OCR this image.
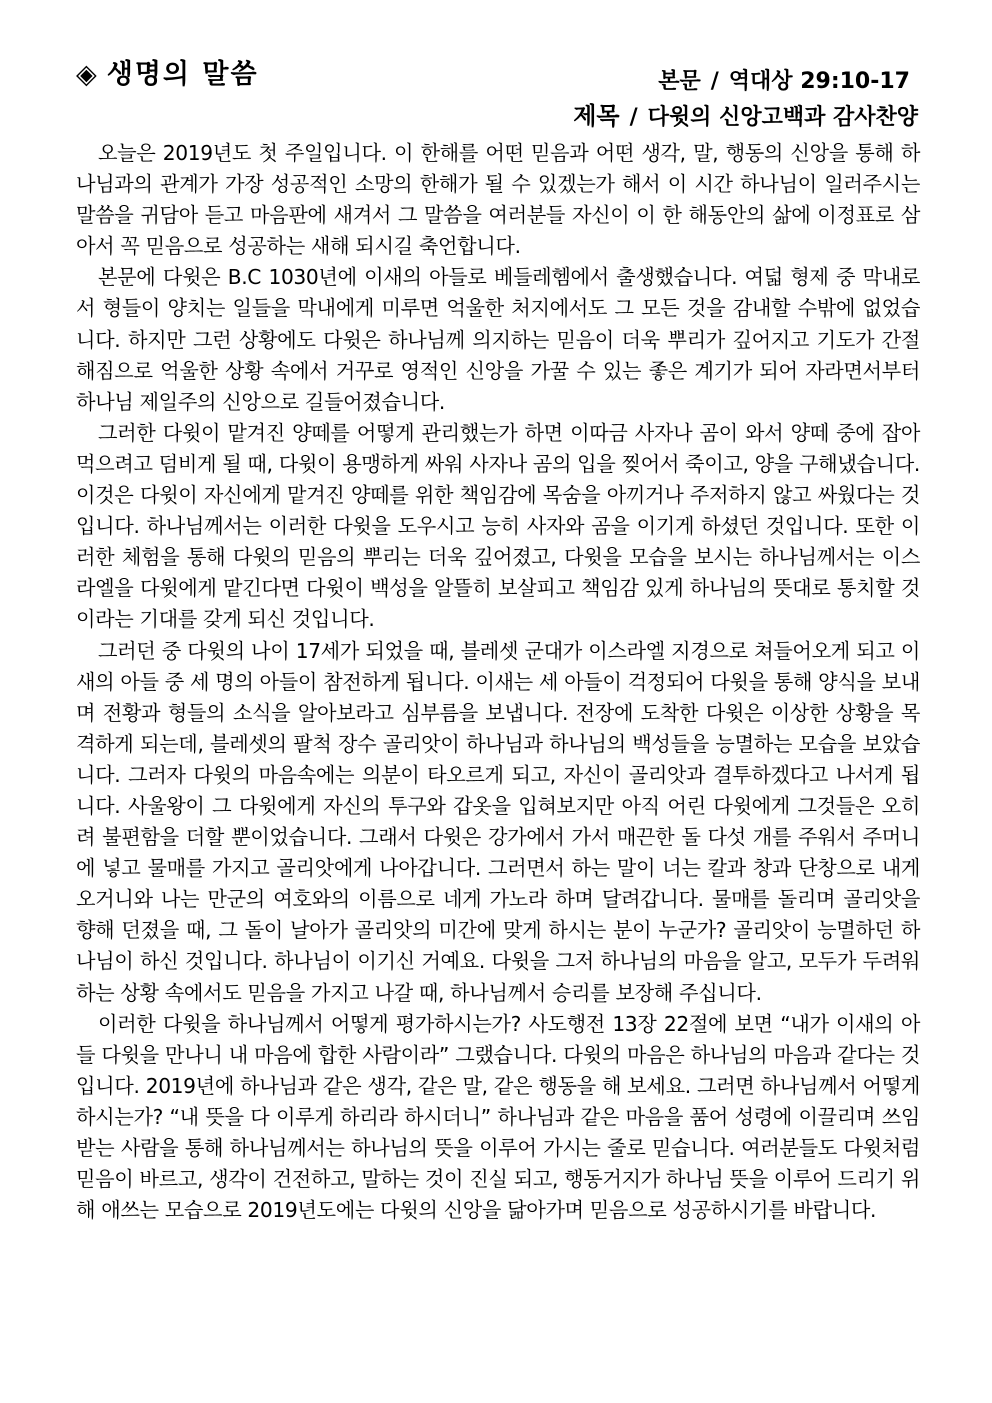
◈ 생명의 말씀	본문 / 역대상 29:10-17
제목 / 다윗의 신앙고백과 감사찬양

오늘은 2019년도 첫 주일입니다. 이 한해를 어떤 믿음과 어떤 생각, 말, 행동의 신앙을 통해 하나님과의 관계가 가장 성공적인 소망의 한해가 될 수 있겠는가 해서 이 시간 하나님이 일러주시는 말씀을 귀담아 듣고 마음판에 새겨서 그 말씀을 여러분들 자신이 이 한 해동안의 삶에 이정표로 삼아서 꼭 믿음으로 성공하는 새해 되시길 축언합니다.

본문에 다윗은 B.C 1030년에 이새의 아들로 베들레헴에서 출생했습니다. 여덟 형제 중 막내로서 형들이 양치는 일들을 막내에게 미루면 억울한 처지에서도 그 모든 것을 감내할 수밖에 없었습니다. 하지만 그런 상황에도 다윗은 하나님께 의지하는 믿음이 더욱 뿌리가 깊어지고 기도가 간절해짐으로 억울한 상황 속에서 거꾸로 영적인 신앙을 가꿀 수 있는 좋은 계기가 되어 자라면서부터 하나님 제일주의 신앙으로 길들어졌습니다.

그러한 다윗이 맡겨진 양떼를 어떻게 관리했는가 하면 이따금 사자나 곰이 와서 양떼 중에 잡아먹으려고 덤비게 될 때, 다윗이 용맹하게 싸워 사자나 곰의 입을 찢어서 죽이고, 양을 구해냈습니다. 이것은 다윗이 자신에게 맡겨진 양떼를 위한 책임감에 목숨을 아끼거나 주저하지 않고 싸웠다는 것입니다. 하나님께서는 이러한 다윗을 도우시고 능히 사자와 곰을 이기게 하셨던 것입니다. 또한 이러한 체험을 통해 다윗의 믿음의 뿌리는 더욱 깊어졌고, 다윗을 모습을 보시는 하나님께서는 이스라엘을 다윗에게 맡긴다면 다윗이 백성을 알뜰히 보살피고 책임감 있게 하나님의 뜻대로 통치할 것이라는 기대를 갖게 되신 것입니다.

그러던 중 다윗의 나이 17세가 되었을 때, 블레셋 군대가 이스라엘 지경으로 쳐들어오게 되고 이새의 아들 중 세 명의 아들이 참전하게 됩니다. 이새는 세 아들이 걱정되어 다윗을 통해 양식을 보내며 전황과 형들의 소식을 알아보라고 심부름을 보냅니다. 전장에 도착한 다윗은 이상한 상황을 목격하게 되는데, 블레셋의 팔척 장수 골리앗이 하나님과 하나님의 백성들을 능멸하는 모습을 보았습니다. 그러자 다윗의 마음속에는 의분이 타오르게 되고, 자신이 골리앗과 결투하겠다고 나서게 됩니다. 사울왕이 그 다윗에게 자신의 투구와 갑옷을 입혀보지만 아직 어린 다윗에게 그것들은 오히려 불편함을 더할 뿐이었습니다. 그래서 다윗은 강가에서 가서 매끈한 돌 다섯 개를 주워서 주머니에 넣고 물매를 가지고 골리앗에게 나아갑니다. 그러면서 하는 말이 너는 칼과 창과 단창으로 내게 오거니와 나는 만군의 여호와의 이름으로 네게 가노라 하며 달려갑니다. 물매를 돌리며 골리앗을 향해 던졌을 때, 그 돌이 날아가 골리앗의 미간에 맞게 하시는 분이 누군가? 골리앗이 능멸하던 하나님이 하신 것입니다. 하나님이 이기신 거예요. 다윗을 그저 하나님의 마음을 알고, 모두가 두려워하는 상황 속에서도 믿음을 가지고 나갈 때, 하나님께서 승리를 보장해 주십니다.

이러한 다윗을 하나님께서 어떻게 평가하시는가? 사도행전 13장 22절에 보면 “내가 이새의 아들 다윗을 만나니 내 마음에 합한 사람이라” 그랬습니다. 다윗의 마음은 하나님의 마음과 같다는 것입니다. 2019년에 하나님과 같은 생각, 같은 말, 같은 행동을 해 보세요. 그러면 하나님께서 어떻게 하시는가? “내 뜻을 다 이루게 하리라 하시더니” 하나님과 같은 마음을 품어 성령에 이끌리며 쓰임받는 사람을 통해 하나님께서는 하나님의 뜻을 이루어 가시는 줄로 믿습니다. 여러분들도 다윗처럼 믿음이 바르고, 생각이 건전하고, 말하는 것이 진실 되고, 행동거지가 하나님 뜻을 이루어 드리기 위해 애쓰는 모습으로 2019년도에는 다윗의 신앙을 닮아가며 믿음으로 성공하시기를 바랍니다.
